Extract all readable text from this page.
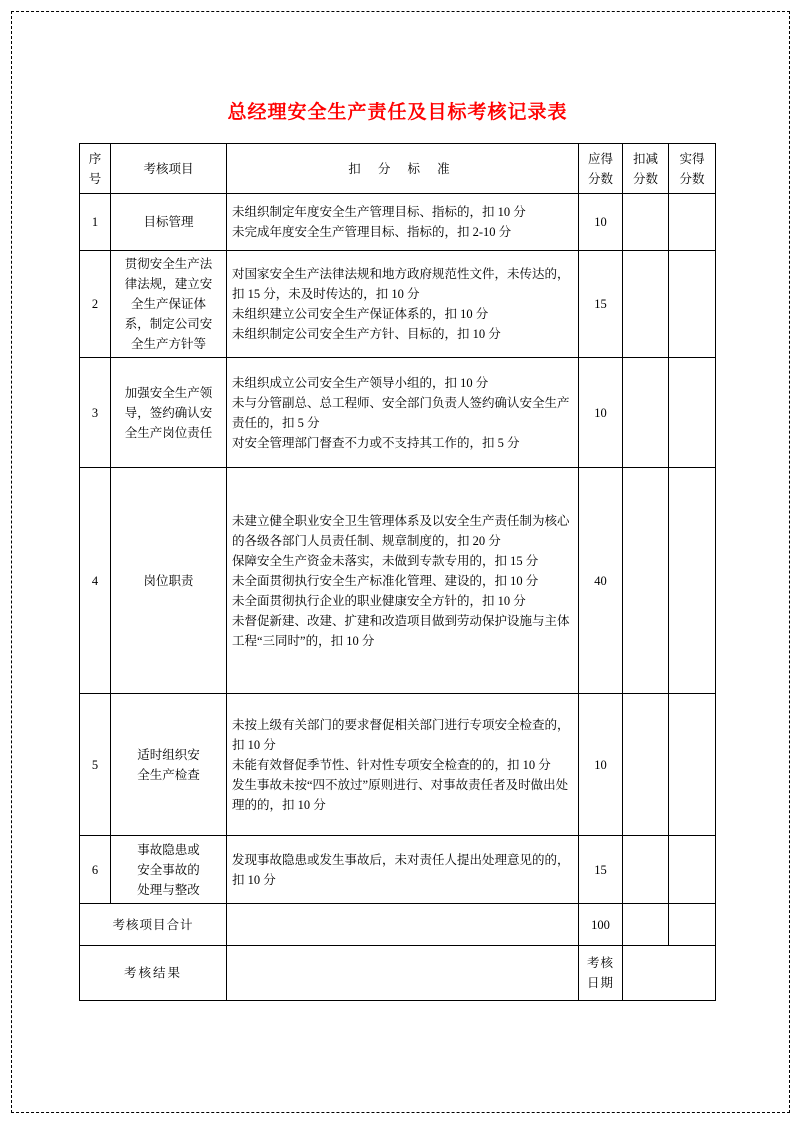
总经理安全生产责任及目标考核记录表
序
号	考核项目	扣 分 标 准	应得
分数	扣减
分数	实得
分数
1	目标管理	未组织制定年度安全生产管理目标、指标的，扣 10 分
未完成年度安全生产管理目标、指标的，扣 2-10 分	10		
2	贯彻安全生产法
律法规，建立安
全生产保证体
系，制定公司安
全生产方针等	对国家安全生产法律法规和地方政府规范性文件，未传达的，扣 15 分，未及时传达的，扣 10 分
未组织建立公司安全生产保证体系的，扣 10 分
未组织制定公司安全生产方针、目标的，扣 10 分	15		
3	加强安全生产领
导，签约确认安
全生产岗位责任	未组织成立公司安全生产领导小组的，扣 10 分
未与分管副总、总工程师、安全部门负责人签约确认安全生产责任的，扣 5 分
对安全管理部门督查不力或不支持其工作的，扣 5 分	10		
4	岗位职责	未建立健全职业安全卫生管理体系及以安全生产责任制为核心的各级各部门人员责任制、规章制度的，扣 20 分
保障安全生产资金未落实，未做到专款专用的，扣 15 分
未全面贯彻执行安全生产标准化管理、建设的，扣 10 分
未全面贯彻执行企业的职业健康安全方针的，扣 10 分
未督促新建、改建、扩建和改造项目做到劳动保护设施与主体工程“三同时”的，扣 10 分	40		
5	适时组织安
全生产检查	未按上级有关部门的要求督促相关部门进行专项安全检查的，扣 10 分
未能有效督促季节性、针对性专项安全检查的的，扣 10 分
发生事故未按“四不放过”原则进行、对事故责任者及时做出处理的的，扣 10 分	10		
6	事故隐患或
安全事故的
处理与整改	发现事故隐患或发生事故后，未对责任人提出处理意见的的，扣 10 分	15		
考核项目合计			100		
考核结果			考核日期		
